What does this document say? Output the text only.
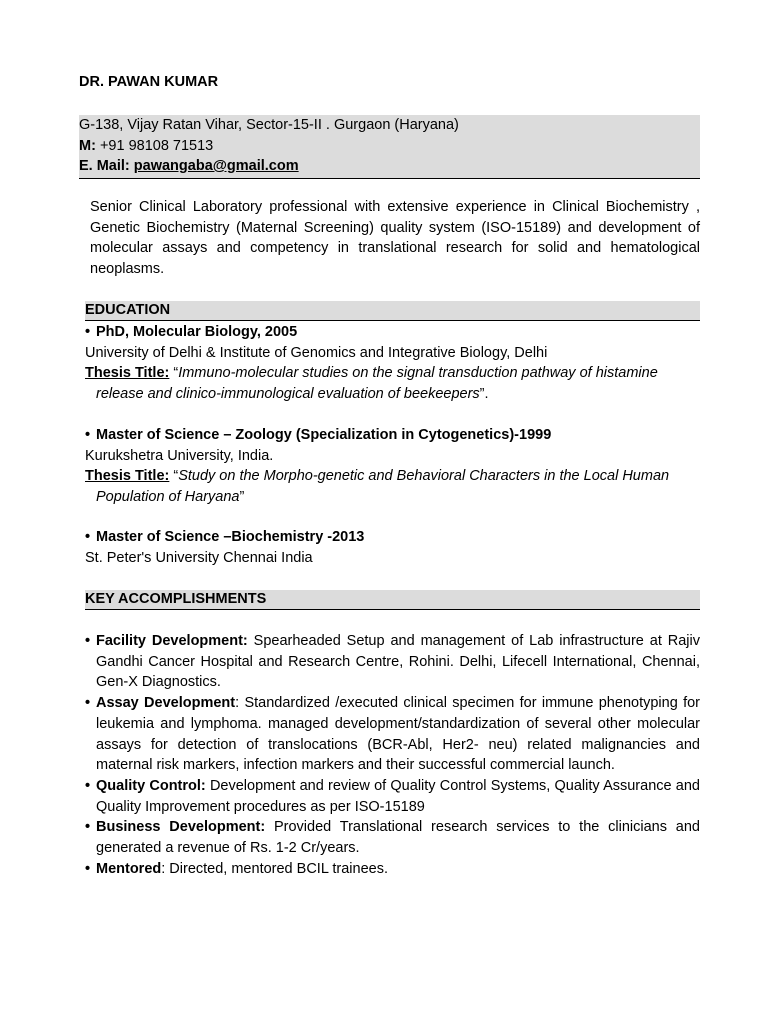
DR. PAWAN KUMAR
G-138, Vijay Ratan Vihar, Sector-15-II . Gurgaon (Haryana)
M: +91 98108 71513
E. Mail: pawangaba@gmail.com
Senior Clinical Laboratory professional with extensive experience in Clinical Biochemistry , Genetic Biochemistry (Maternal Screening) quality system (ISO-15189) and development of molecular assays and competency in translational research for solid and hematological neoplasms.
EDUCATION
• PhD, Molecular Biology, 2005
University of Delhi & Institute of Genomics and Integrative Biology, Delhi
Thesis Title: “Immuno-molecular studies on the signal transduction pathway of histamine
release and clinico-immunological evaluation of beekeepers”.
• Master of Science – Zoology (Specialization in Cytogenetics)-1999
Kurukshetra University, India.
Thesis Title: “Study on the Morpho-genetic and Behavioral Characters in the Local Human
Population of Haryana”
• Master of Science –Biochemistry -2013
St. Peter's University Chennai India
KEY ACCOMPLISHMENTS
• Facility Development: Spearheaded Setup and management of Lab infrastructure at Rajiv Gandhi Cancer Hospital and Research Centre, Rohini. Delhi, Lifecell International, Chennai, Gen-X Diagnostics.
• Assay Development: Standardized /executed clinical specimen for immune phenotyping for leukemia and lymphoma. managed development/standardization of several other molecular assays for detection of translocations (BCR-Abl, Her2- neu) related malignancies and maternal risk markers, infection markers and their successful commercial launch.
• Quality Control: Development and review of Quality Control Systems, Quality Assurance and Quality Improvement procedures as per ISO-15189
• Business Development: Provided Translational research services to the clinicians and generated a revenue of Rs. 1-2 Cr/years.
• Mentored: Directed, mentored BCIL trainees.
